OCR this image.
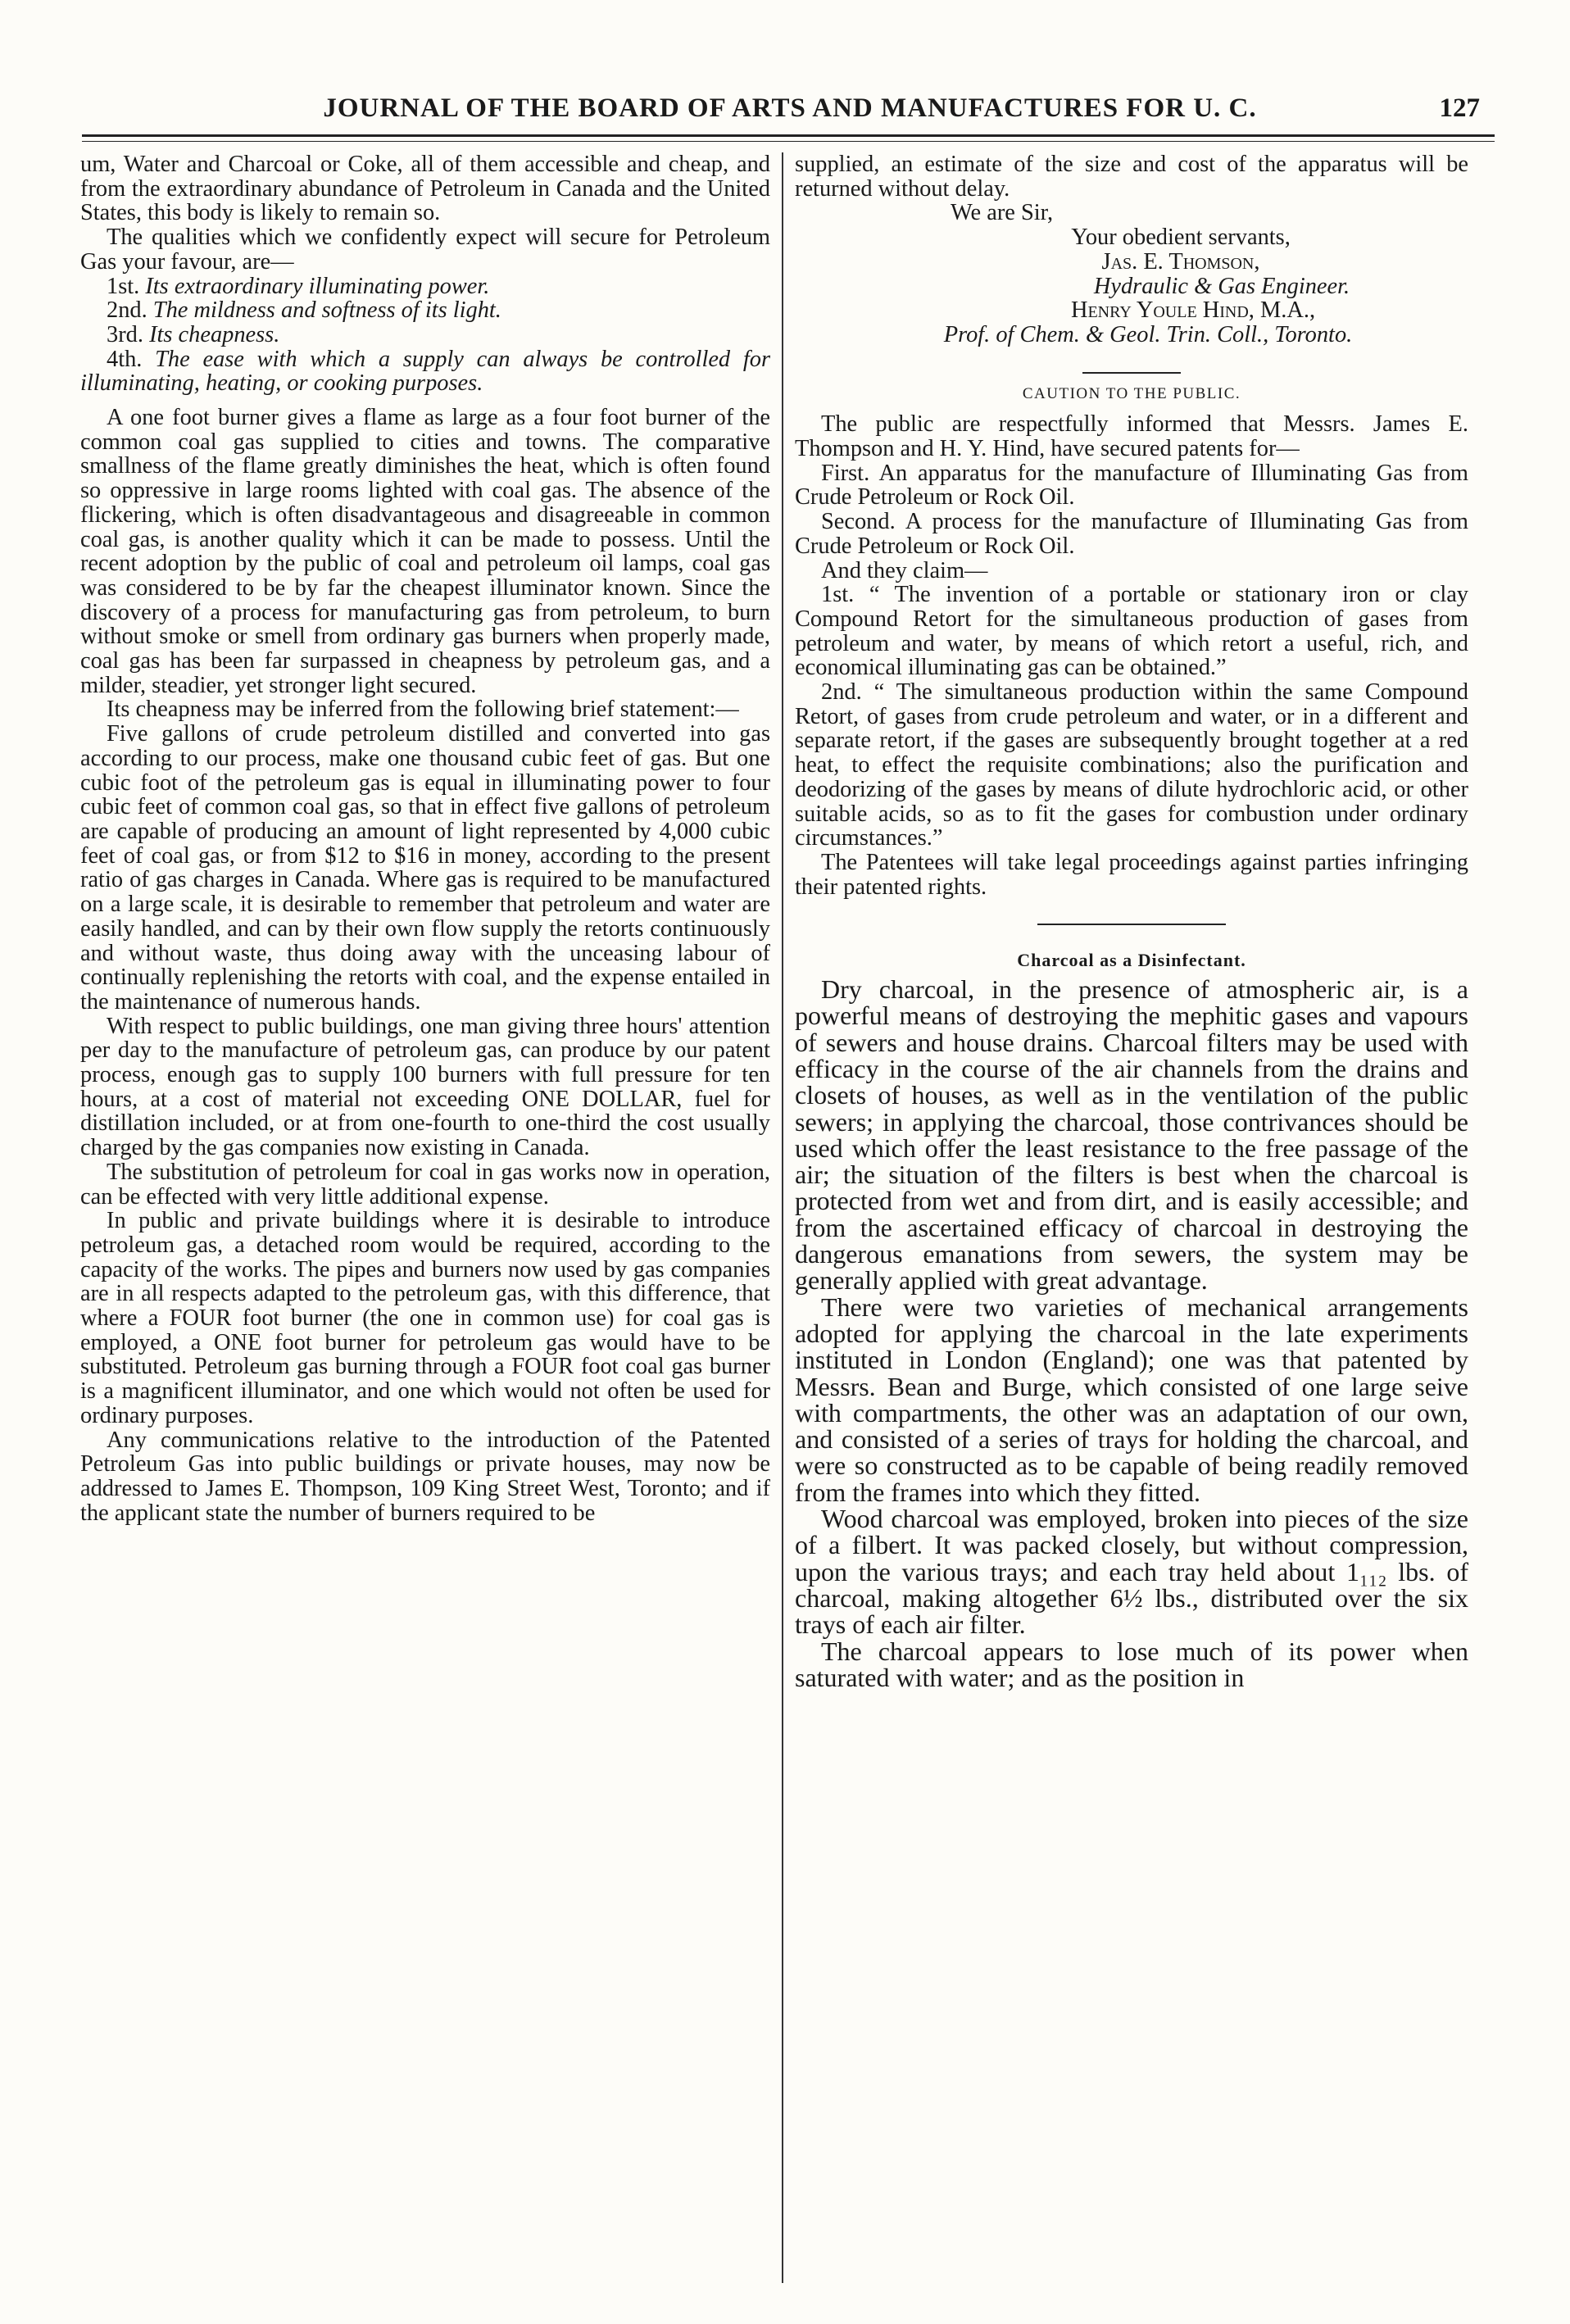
JOURNAL OF THE BOARD OF ARTS AND MANUFACTURES FOR U. C.	127

um, Water and Charcoal or Coke, all of them accessible and cheap, and from the extraordinary abundance of Petroleum in Canada and the United States, this body is likely to remain so.

The qualities which we confidently expect will secure for Petroleum Gas your favour, are—

1st. Its extraordinary illuminating power.

2nd. The mildness and softness of its light.

3rd. Its cheapness.

4th. The ease with which a supply can always be controlled for illuminating, heating, or cooking purposes.

A one foot burner gives a flame as large as a four foot burner of the common coal gas supplied to cities and towns. The comparative smallness of the flame greatly diminishes the heat, which is often found so oppressive in large rooms lighted with coal gas. The absence of the flickering, which is often disadvantageous and disagreeable in common coal gas, is another quality which it can be made to possess. Until the recent adoption by the public of coal and petroleum oil lamps, coal gas was considered to be by far the cheapest illuminator known. Since the discovery of a process for manufacturing gas from petroleum, to burn without smoke or smell from ordinary gas burners when properly made, coal gas has been far surpassed in cheapness by petroleum gas, and a milder, steadier, yet stronger light secured.

Its cheapness may be inferred from the following brief statement:—

Five gallons of crude petroleum distilled and converted into gas according to our process, make one thousand cubic feet of gas. But one cubic foot of the petroleum gas is equal in illuminating power to four cubic feet of common coal gas, so that in effect five gallons of petroleum are capable of producing an amount of light represented by 4,000 cubic feet of coal gas, or from $12 to $16 in money, according to the present ratio of gas charges in Canada. Where gas is required to be manufactured on a large scale, it is desirable to remember that petroleum and water are easily handled, and can by their own flow supply the retorts continuously and without waste, thus doing away with the unceasing labour of continually replenishing the retorts with coal, and the expense entailed in the maintenance of numerous hands.

With respect to public buildings, one man giving three hours' attention per day to the manufacture of petroleum gas, can produce by our patent process, enough gas to supply 100 burners with full pressure for ten hours, at a cost of material not exceeding ONE DOLLAR, fuel for distillation included, or at from one-fourth to one-third the cost usually charged by the gas companies now existing in Canada.

The substitution of petroleum for coal in gas works now in operation, can be effected with very little additional expense.

In public and private buildings where it is desirable to introduce petroleum gas, a detached room would be required, according to the capacity of the works. The pipes and burners now used by gas companies are in all respects adapted to the petroleum gas, with this difference, that where a FOUR foot burner (the one in common use) for coal gas is employed, a ONE foot burner for petroleum gas would have to be substituted. Petroleum gas burning through a FOUR foot coal gas burner is a magnificent illuminator, and one which would not often be used for ordinary purposes.

Any communications relative to the introduction of the Patented Petroleum Gas into public buildings or private houses, may now be addressed to James E. Thompson, 109 King Street West, Toronto; and if the applicant state the number of burners required to be

supplied, an estimate of the size and cost of the apparatus will be returned without delay.

We are Sir,
Your obedient servants,
Jas. E. Thomson,
Hydraulic & Gas Engineer.
Henry Youle Hind, M.A.,
Prof. of Chem. & Geol. Trin. Coll., Toronto.
CAUTION TO THE PUBLIC.

The public are respectfully informed that Messrs. James E. Thompson and H. Y. Hind, have secured patents for—

First. An apparatus for the manufacture of Illuminating Gas from Crude Petroleum or Rock Oil.

Second. A process for the manufacture of Illuminating Gas from Crude Petroleum or Rock Oil.

And they claim—

1st. “ The invention of a portable or stationary iron or clay Compound Retort for the simultaneous production of gases from petroleum and water, by means of which retort a useful, rich, and economical illuminating gas can be obtained.”

2nd. “ The simultaneous production within the same Compound Retort, of gases from crude petroleum and water, or in a different and separate retort, if the gases are subsequently brought together at a red heat, to effect the requisite combinations; also the purification and deodorizing of the gases by means of dilute hydrochloric acid, or other suitable acids, so as to fit the gases for combustion under ordinary circumstances.”

The Patentees will take legal proceedings against parties infringing their patented rights.

Charcoal as a Disinfectant.

Dry charcoal, in the presence of atmospheric air, is a powerful means of destroying the mephitic gases and vapours of sewers and house drains. Charcoal filters may be used with efficacy in the course of the air channels from the drains and closets of houses, as well as in the ventilation of the public sewers; in applying the charcoal, those contrivances should be used which offer the least resistance to the free passage of the air; the situation of the filters is best when the charcoal is protected from wet and from dirt, and is easily accessible; and from the ascertained efficacy of charcoal in destroying the dangerous emanations from sewers, the system may be generally applied with great advantage.

There were two varieties of mechanical arrangements adopted for applying the charcoal in the late experiments instituted in London (England); one was that patented by Messrs. Bean and Burge, which consisted of one large seive with compartments, the other was an adaptation of our own, and consisted of a series of trays for holding the charcoal, and were so constructed as to be capable of being readily removed from the frames into which they fitted.

Wood charcoal was employed, broken into pieces of the size of a filbert. It was packed closely, but without compression, upon the various trays; and each tray held about 1₁₁₂ lbs. of charcoal, making altogether 6½ lbs., distributed over the six trays of each air filter.

The charcoal appears to lose much of its power when saturated with water; and as the position in
